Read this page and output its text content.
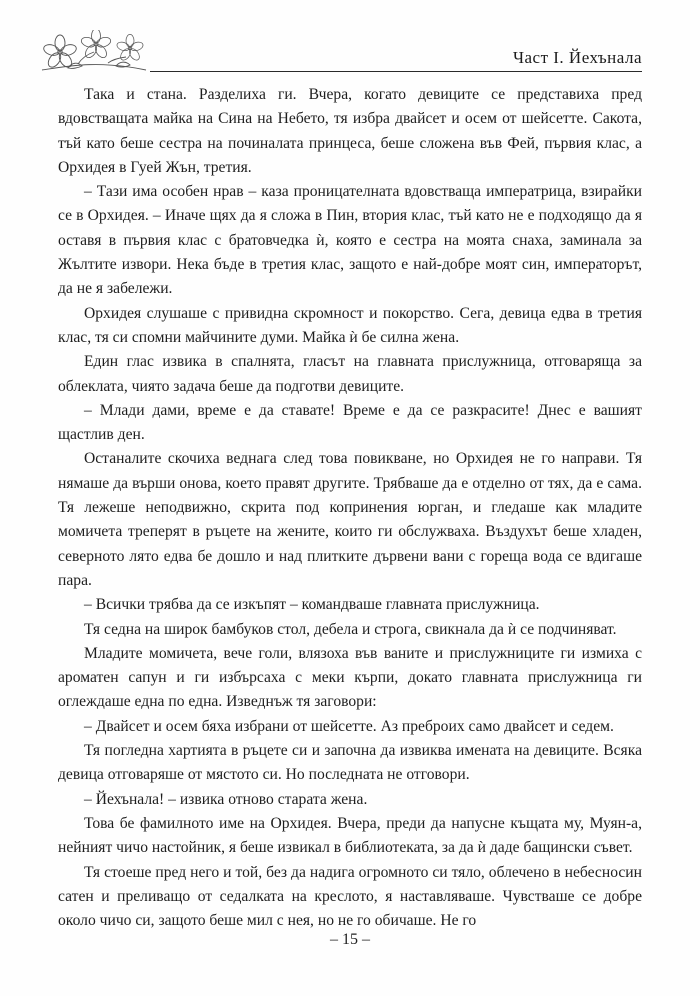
Част I. Йехънала

Така и стана. Разделиха ги. Вчера, когато девиците се представиха пред вдовстващата майка на Сина на Небето, тя избра двайсет и осем от шейсетте. Сакота, тъй като беше сестра на починалата принцеса, беше сложена във Фей, първия клас, а Орхидея в Гуей Жън, третия.

– Тази има особен нрав – каза проницателната вдовстваща императрица, взирайки се в Орхидея. – Иначе щях да я сложа в Пин, втория клас, тъй като не е подходящо да я оставя в първия клас с братовчедка ѝ, която е сестра на моята снаха, заминала за Жълтите извори. Нека бъде в третия клас, защото е най-добре моят син, императорът, да не я забележи.

Орхидея слушаше с привидна скромност и покорство. Сега, девица едва в третия клас, тя си спомни майчините думи. Майка ѝ бе силна жена.

Един глас извика в спалнята, гласът на главната прислужница, отговаряща за облеклата, чиято задача беше да подготви девиците.

– Млади дами, време е да ставате! Време е да се разкрасите! Днес е вашият щастлив ден.

Останалите скочиха веднага след това повикване, но Орхидея не го направи. Тя нямаше да върши онова, което правят другите. Трябваше да е отделно от тях, да е сама. Тя лежеше неподвижно, скрита под копринения юрган, и гледаше как младите момичета треперят в ръцете на жените, които ги обслужваха. Въздухът беше хладен, северното лято едва бе дошло и над плитките дървени вани с гореща вода се вдигаше пара.

– Всички трябва да се изкъпят – командваше главната прислужница.

Тя седна на широк бамбуков стол, дебела и строга, свикнала да ѝ се подчиняват.

Младите момичета, вече голи, влязоха във ваните и прислужниците ги измиха с ароматен сапун и ги избърсаха с меки кърпи, докато главната прислужница ги оглеждаше една по една. Изведнъж тя заговори:

– Двайсет и осем бяха избрани от шейсетте. Аз преброих само двайсет и седем.

Тя погледна хартията в ръцете си и започна да извиква имената на девиците. Всяка девица отговаряше от мястото си. Но последната не отговори.

– Йехънала! – извика отново старата жена.

Това бе фамилното име на Орхидея. Вчера, преди да напусне къщата му, Муян-а, нейният чичо настойник, я беше извикал в библиотеката, за да ѝ даде бащински съвет.

Тя стоеше пред него и той, без да надига огромното си тяло, облечено в небесносин сатен и преливащо от седалката на креслото, я наставляваше. Чувстваше се добре около чичо си, защото беше мил с нея, но не го обичаше. Не го

– 15 –
